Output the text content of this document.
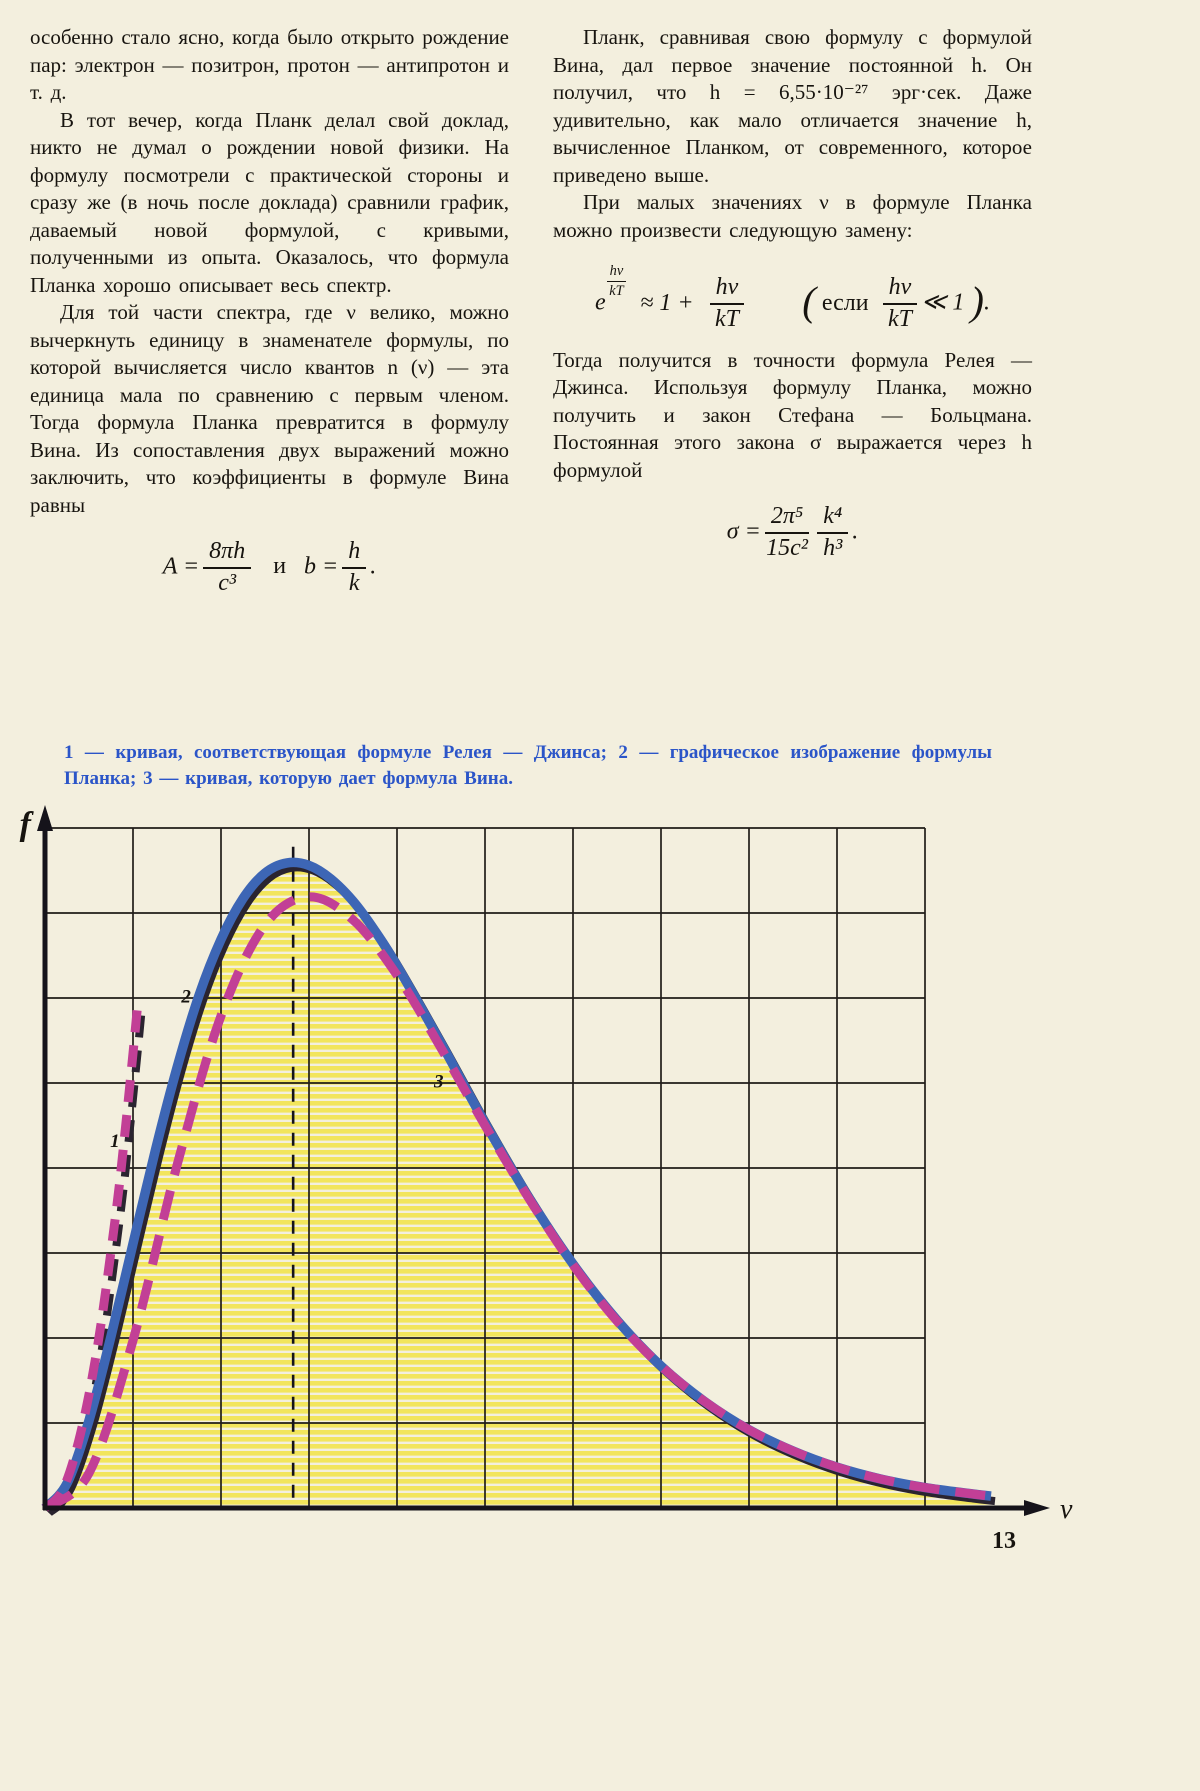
особенно стало ясно, когда было открыто рождение пар: электрон — позитрон, протон — антипротон и т. д.

В тот вечер, когда Планк делал свой доклад, никто не думал о рождении новой физики. На формулу посмотрели с практической стороны и сразу же (в ночь после доклада) сравнили график, даваемый новой формулой, с кривыми, полученными из опыта. Оказалось, что формула Планка хорошо описывает весь спектр.

Для той части спектра, где ν велико, можно вычеркнуть единицу в знаменателе формулы, по которой вычисляется число квантов n (ν) — эта единица мала по сравнению с первым членом. Тогда формула Планка превратится в формулу Вина. Из сопоставления двух выражений можно заключить, что коэффициенты в формуле Вина равны

$A = \frac{8\pi h}{\text{c³}}$ и $b = \frac{h}{k}$ .

Планк, сравнивая свою формулу с формулой Вина, дал первое значение постоянной h. Он получил, что h = 6,55·10⁻²⁷ эрг·сек. Даже удивительно, как мало отличается значение h, вычисленное Планком, от современного, которое приведено выше.

При малых значениях ν в формуле Планка можно произвести следующую замену:

e
$\frac{h\nu}{kT}$
≈ $1 + \frac{h\nu}{kT}$ ( если $\frac{h\nu}{kT}$ ≪ 1 ).

Тогда получится в точности формула Релея — Джинса. Используя формулу Планка, можно получить и закон Стефана — Больцмана. Постоянная этого закона σ выражается через h формулой

$\sigma = \frac{\text{2π⁵}}{\text{15c²}} \frac{\text{k⁴}}{\text{h³}}$ .
1 — кривая, соответствующая формуле Релея — Джинса; 2 — графическое изображение формулы Планка; 3 — кривая, которую дает формула Вина.
f
ν
2
1
3
13
